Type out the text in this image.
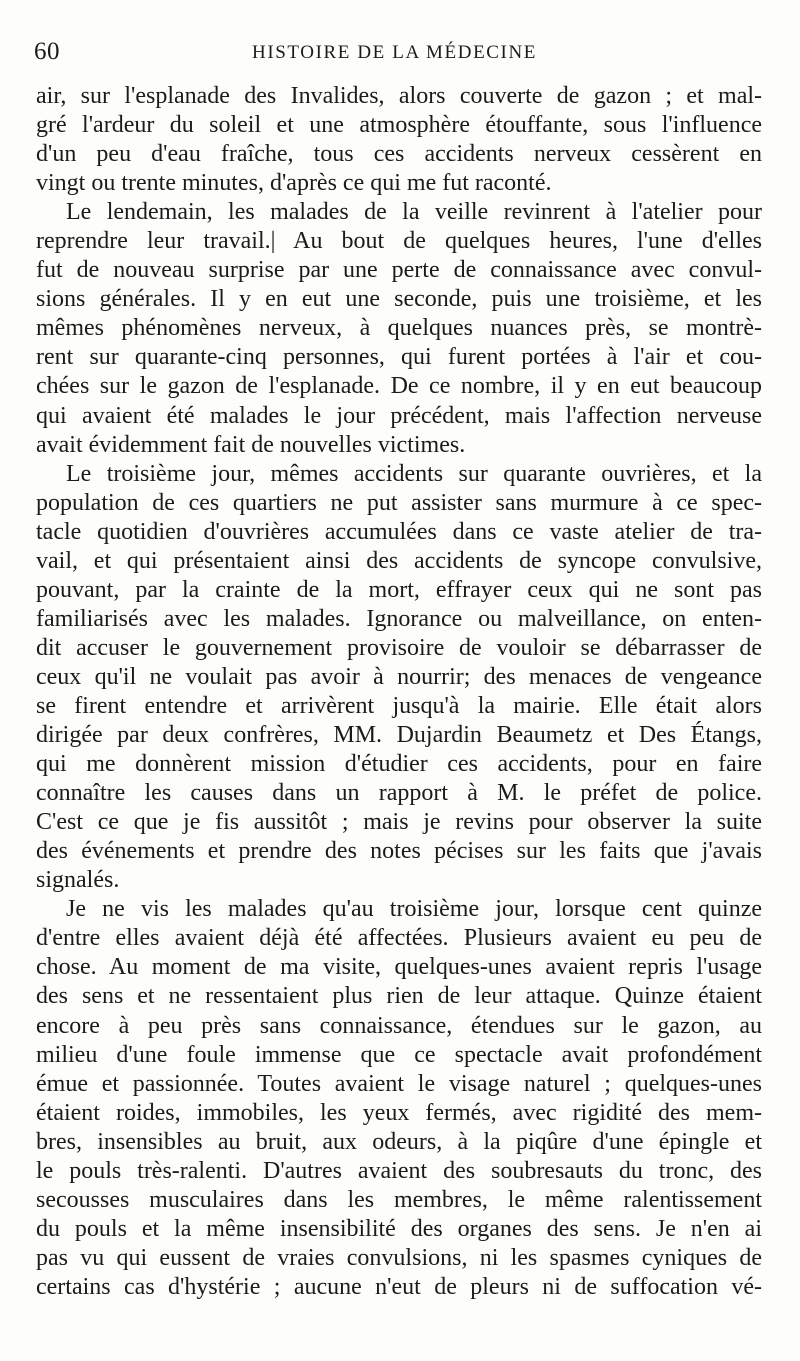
60	HISTOIRE DE LA MÉDECINE
air, sur l'esplanade des Invalides, alors couverte de gazon ; et mal-
gré l'ardeur du soleil et une atmosphère étouffante, sous l'influence
d'un peu d'eau fraîche, tous ces accidents nerveux cessèrent en
vingt ou trente minutes, d'après ce qui me fut raconté.
Le lendemain, les malades de la veille revinrent à l'atelier pour
reprendre leur travail.| Au bout de quelques heures, l'une d'elles
fut de nouveau surprise par une perte de connaissance avec convul-
sions générales. Il y en eut une seconde, puis une troisième, et les
mêmes phénomènes nerveux, à quelques nuances près, se montrè-
rent sur quarante-cinq personnes, qui furent portées à l'air et cou-
chées sur le gazon de l'esplanade. De ce nombre, il y en eut beaucoup
qui avaient été malades le jour précédent, mais l'affection nerveuse
avait évidemment fait de nouvelles victimes.
Le troisième jour, mêmes accidents sur quarante ouvrières, et la
population de ces quartiers ne put assister sans murmure à ce spec-
tacle quotidien d'ouvrières accumulées dans ce vaste atelier de tra-
vail, et qui présentaient ainsi des accidents de syncope convulsive,
pouvant, par la crainte de la mort, effrayer ceux qui ne sont pas
familiarisés avec les malades. Ignorance ou malveillance, on enten-
dit accuser le gouvernement provisoire de vouloir se débarrasser de
ceux qu'il ne voulait pas avoir à nourrir; des menaces de vengeance
se firent entendre et arrivèrent jusqu'à la mairie. Elle était alors
dirigée par deux confrères, MM. Dujardin Beaumetz et Des Étangs,
qui me donnèrent mission d'étudier ces accidents, pour en faire
connaître les causes dans un rapport à M. le préfet de police.
C'est ce que je fis aussitôt ; mais je revins pour observer la suite
des événements et prendre des notes pécises sur les faits que j'avais
signalés.
Je ne vis les malades qu'au troisième jour, lorsque cent quinze
d'entre elles avaient déjà été affectées. Plusieurs avaient eu peu de
chose. Au moment de ma visite, quelques-unes avaient repris l'usage
des sens et ne ressentaient plus rien de leur attaque. Quinze étaient
encore à peu près sans connaissance, étendues sur le gazon, au
milieu d'une foule immense que ce spectacle avait profondément
émue et passionnée. Toutes avaient le visage naturel ; quelques-unes
étaient roides, immobiles, les yeux fermés, avec rigidité des mem-
bres, insensibles au bruit, aux odeurs, à la piqûre d'une épingle et
le pouls très-ralenti. D'autres avaient des soubresauts du tronc, des
secousses musculaires dans les membres, le même ralentissement
du pouls et la même insensibilité des organes des sens. Je n'en ai
pas vu qui eussent de vraies convulsions, ni les spasmes cyniques de
certains cas d'hystérie ; aucune n'eut de pleurs ni de suffocation vé-
